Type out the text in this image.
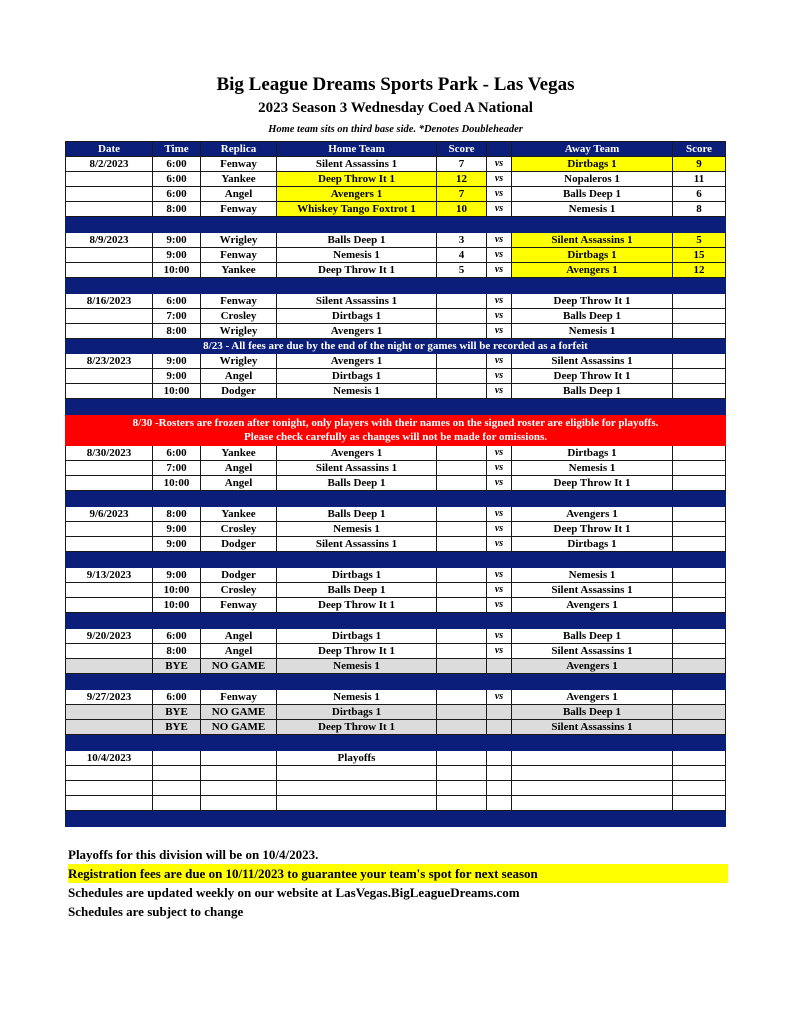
Big League Dreams Sports Park - Las Vegas
2023 Season 3 Wednesday Coed A National
Home team sits on third base side. *Denotes Doubleheader
Date	Time	Replica	Home Team	Score		Away Team	Score
8/2/2023	6:00	Fenway	Silent Assassins 1	7	vs	Dirtbags 1	9
	6:00	Yankee	Deep Throw It 1	12	vs	Nopaleros 1	11
	6:00	Angel	Avengers 1	7	vs	Balls Deep 1	6
	8:00	Fenway	Whiskey Tango Foxtrot 1	10	vs	Nemesis 1	8

8/9/2023	9:00	Wrigley	Balls Deep 1	3	vs	Silent Assassins 1	5
	9:00	Fenway	Nemesis 1	4	vs	Dirtbags 1	15
	10:00	Yankee	Deep Throw It 1	5	vs	Avengers 1	12

8/16/2023	6:00	Fenway	Silent Assassins 1		vs	Deep Throw It 1	
	7:00	Crosley	Dirtbags 1		vs	Balls Deep 1	
	8:00	Wrigley	Avengers 1		vs	Nemesis 1	
8/23 - All fees are due by the end of the night or games will be recorded as a forfeit							
8/23/2023	9:00	Wrigley	Avengers 1		vs	Silent Assassins 1	
	9:00	Angel	Dirtbags 1		vs	Deep Throw It 1	
	10:00	Dodger	Nemesis 1		vs	Balls Deep 1	

8/30 -Rosters are frozen after tonight, only players with their names on the signed roster are eligible for playoffs.
Please check carefully as changes will not be made for omissions.							

8/30/2023	6:00	Yankee	Avengers 1		vs	Dirtbags 1	
	7:00	Angel	Silent Assassins 1		vs	Nemesis 1	
	10:00	Angel	Balls Deep 1		vs	Deep Throw It 1	

9/6/2023	8:00	Yankee	Balls Deep 1		vs	Avengers 1	
	9:00	Crosley	Nemesis 1		vs	Deep Throw It 1	
	9:00	Dodger	Silent Assassins 1		vs	Dirtbags 1	

9/13/2023	9:00	Dodger	Dirtbags 1		vs	Nemesis 1	
	10:00	Crosley	Balls Deep 1		vs	Silent Assassins 1	
	10:00	Fenway	Deep Throw It 1		vs	Avengers 1	

9/20/2023	6:00	Angel	Dirtbags 1		vs	Balls Deep 1	
	8:00	Angel	Deep Throw It 1		vs	Silent Assassins 1	
	BYE	NO GAME	Nemesis 1			Avengers 1	

9/27/2023	6:00	Fenway	Nemesis 1		vs	Avengers 1	
	BYE	NO GAME	Dirtbags 1			Balls Deep 1	
	BYE	NO GAME	Deep Throw It 1			Silent Assassins 1	

10/4/2023			Playoffs				

Playoffs for this division will be on 10/4/2023.
Registration fees are due on 10/11/2023 to guarantee your team's spot for next season
Schedules are updated weekly on our website at LasVegas.BigLeagueDreams.com
Schedules are subject to change
